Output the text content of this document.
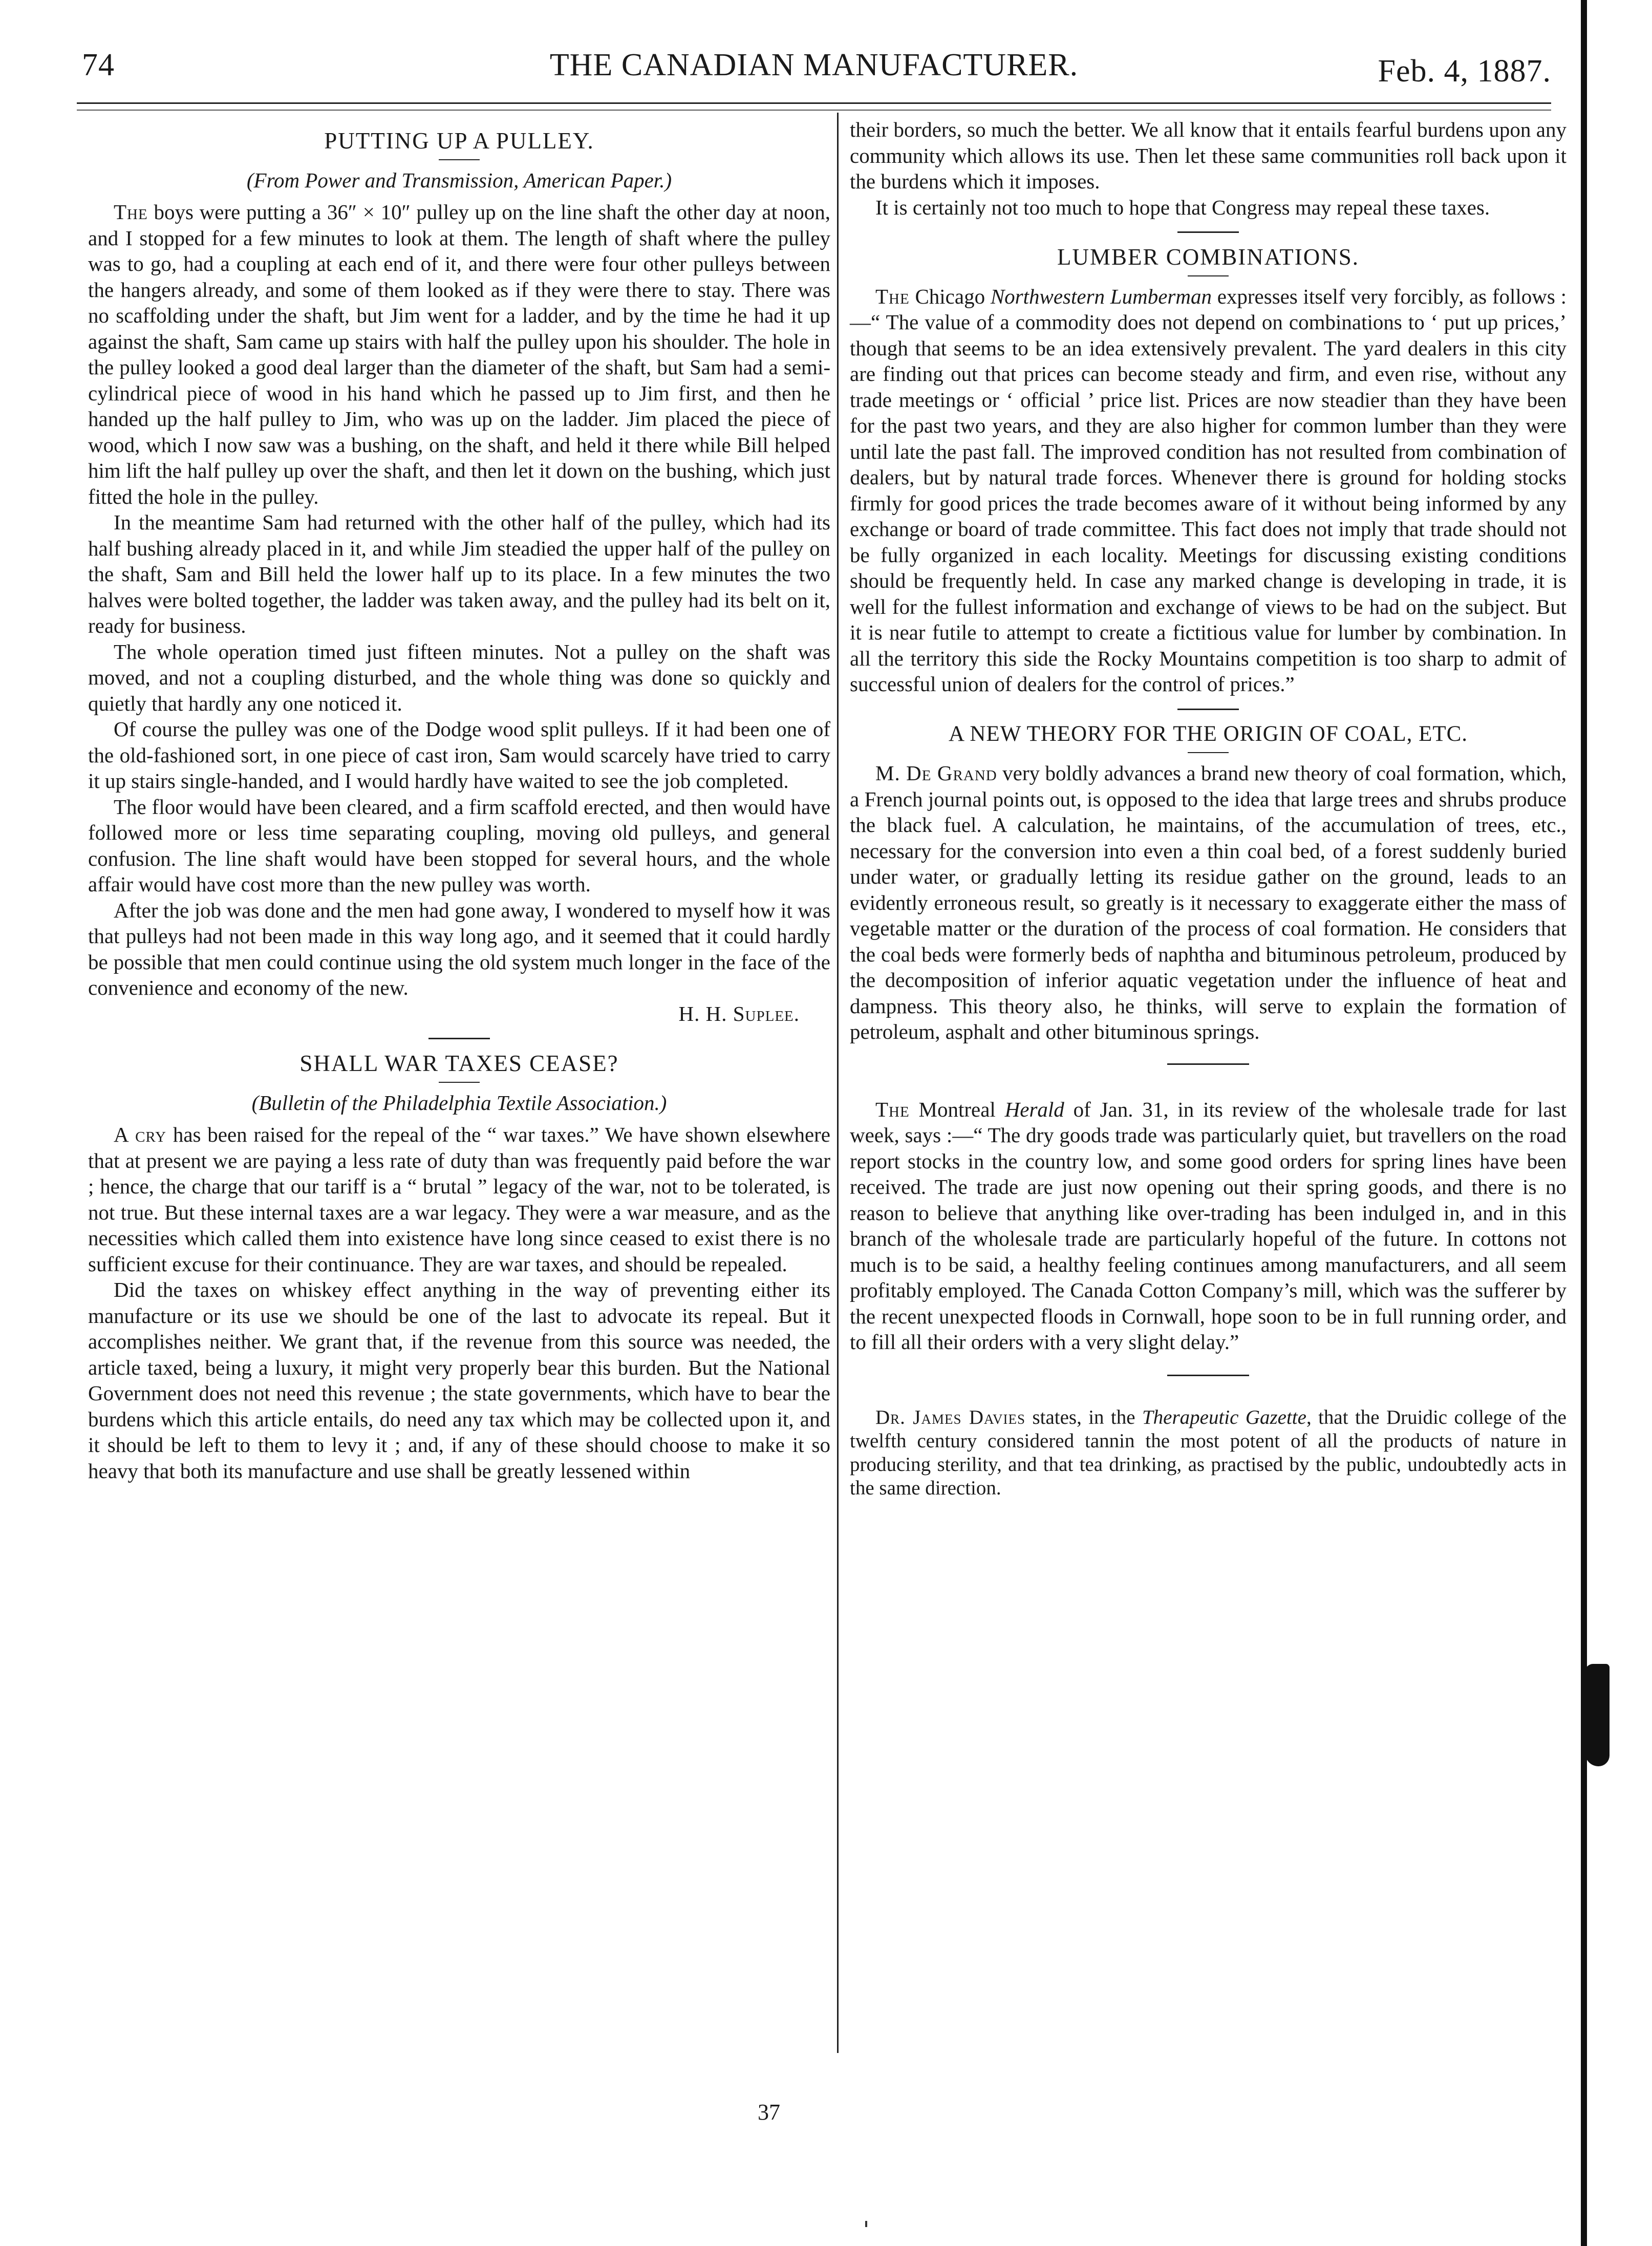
74	THE CANADIAN MANUFACTURER.	Feb. 4, 1887.
PUTTING UP A PULLEY.
(From Power and Transmission, American Paper.)

The boys were putting a 36″ × 10″ pulley up on the line shaft the other day at noon, and I stopped for a few minutes to look at them. The length of shaft where the pulley was to go, had a coupling at each end of it, and there were four other pulleys between the hangers already, and some of them looked as if they were there to stay. There was no scaffolding under the shaft, but Jim went for a ladder, and by the time he had it up against the shaft, Sam came up stairs with half the pulley upon his shoulder. The hole in the pulley looked a good deal larger than the diameter of the shaft, but Sam had a semi-cylindrical piece of wood in his hand which he passed up to Jim first, and then he handed up the half pulley to Jim, who was up on the ladder. Jim placed the piece of wood, which I now saw was a bushing, on the shaft, and held it there while Bill helped him lift the half pulley up over the shaft, and then let it down on the bushing, which just fitted the hole in the pulley.

In the meantime Sam had returned with the other half of the pulley, which had its half bushing already placed in it, and while Jim steadied the upper half of the pulley on the shaft, Sam and Bill held the lower half up to its place. In a few minutes the two halves were bolted together, the ladder was taken away, and the pulley had its belt on it, ready for business.

The whole operation timed just fifteen minutes. Not a pulley on the shaft was moved, and not a coupling disturbed, and the whole thing was done so quickly and quietly that hardly any one noticed it.

Of course the pulley was one of the Dodge wood split pulleys. If it had been one of the old-fashioned sort, in one piece of cast iron, Sam would scarcely have tried to carry it up stairs single-handed, and I would hardly have waited to see the job completed.

The floor would have been cleared, and a firm scaffold erected, and then would have followed more or less time separating coupling, moving old pulleys, and general confusion. The line shaft would have been stopped for several hours, and the whole affair would have cost more than the new pulley was worth.

After the job was done and the men had gone away, I wondered to myself how it was that pulleys had not been made in this way long ago, and it seemed that it could hardly be possible that men could continue using the old system much longer in the face of the convenience and economy of the new.

H. H. Suplee.
SHALL WAR TAXES CEASE?
(Bulletin of the Philadelphia Textile Association.)

A cry has been raised for the repeal of the “ war taxes.” We have shown elsewhere that at present we are paying a less rate of duty than was frequently paid before the war ; hence, the charge that our tariff is a “ brutal ” legacy of the war, not to be tolerated, is not true. But these internal taxes are a war legacy. They were a war measure, and as the necessities which called them into existence have long since ceased to exist there is no sufficient excuse for their continuance. They are war taxes, and should be repealed.

Did the taxes on whiskey effect anything in the way of preventing either its manufacture or its use we should be one of the last to advocate its repeal. But it accomplishes neither. We grant that, if the revenue from this source was needed, the article taxed, being a luxury, it might very properly bear this burden. But the National Government does not need this revenue ; the state governments, which have to bear the burdens which this article entails, do need any tax which may be collected upon it, and it should be left to them to levy it ; and, if any of these should choose to make it so heavy that both its manufacture and use shall be greatly lessened within

their borders, so much the better. We all know that it entails fearful burdens upon any community which allows its use. Then let these same communities roll back upon it the burdens which it imposes.

It is certainly not too much to hope that Congress may repeal these taxes.

LUMBER COMBINATIONS.

The Chicago Northwestern Lumberman expresses itself very forcibly, as follows :—“ The value of a commodity does not depend on combinations to ‘ put up prices,’ though that seems to be an idea extensively prevalent. The yard dealers in this city are finding out that prices can become steady and firm, and even rise, without any trade meetings or ‘ official ’ price list. Prices are now steadier than they have been for the past two years, and they are also higher for common lumber than they were until late the past fall. The improved condition has not resulted from combination of dealers, but by natural trade forces. Whenever there is ground for holding stocks firmly for good prices the trade becomes aware of it without being informed by any exchange or board of trade committee. This fact does not imply that trade should not be fully organized in each locality. Meetings for discussing existing conditions should be frequently held. In case any marked change is developing in trade, it is well for the fullest information and exchange of views to be had on the subject. But it is near futile to attempt to create a fictitious value for lumber by combination. In all the territory this side the Rocky Mountains competition is too sharp to admit of successful union of dealers for the control of prices.”

A NEW THEORY FOR THE ORIGIN OF COAL, ETC.

M. De Grand very boldly advances a brand new theory of coal formation, which, a French journal points out, is opposed to the idea that large trees and shrubs produce the black fuel. A calculation, he maintains, of the accumulation of trees, etc., necessary for the conversion into even a thin coal bed, of a forest suddenly buried under water, or gradually letting its residue gather on the ground, leads to an evidently erroneous result, so greatly is it necessary to exaggerate either the mass of vegetable matter or the duration of the process of coal formation. He considers that the coal beds were formerly beds of naphtha and bituminous petroleum, produced by the decomposition of inferior aquatic vegetation under the influence of heat and dampness. This theory also, he thinks, will serve to explain the formation of petroleum, asphalt and other bituminous springs.

The Montreal Herald of Jan. 31, in its review of the wholesale trade for last week, says :—“ The dry goods trade was particularly quiet, but travellers on the road report stocks in the country low, and some good orders for spring lines have been received. The trade are just now opening out their spring goods, and there is no reason to believe that anything like over-trading has been indulged in, and in this branch of the wholesale trade are particularly hopeful of the future. In cottons not much is to be said, a healthy feeling continues among manufacturers, and all seem profitably employed. The Canada Cotton Company’s mill, which was the sufferer by the recent unexpected floods in Cornwall, hope soon to be in full running order, and to fill all their orders with a very slight delay.”

Dr. James Davies states, in the Therapeutic Gazette, that the Druidic college of the twelfth century considered tannin the most potent of all the products of nature in producing sterility, and that tea drinking, as practised by the public, undoubtedly acts in the same direction.

37
